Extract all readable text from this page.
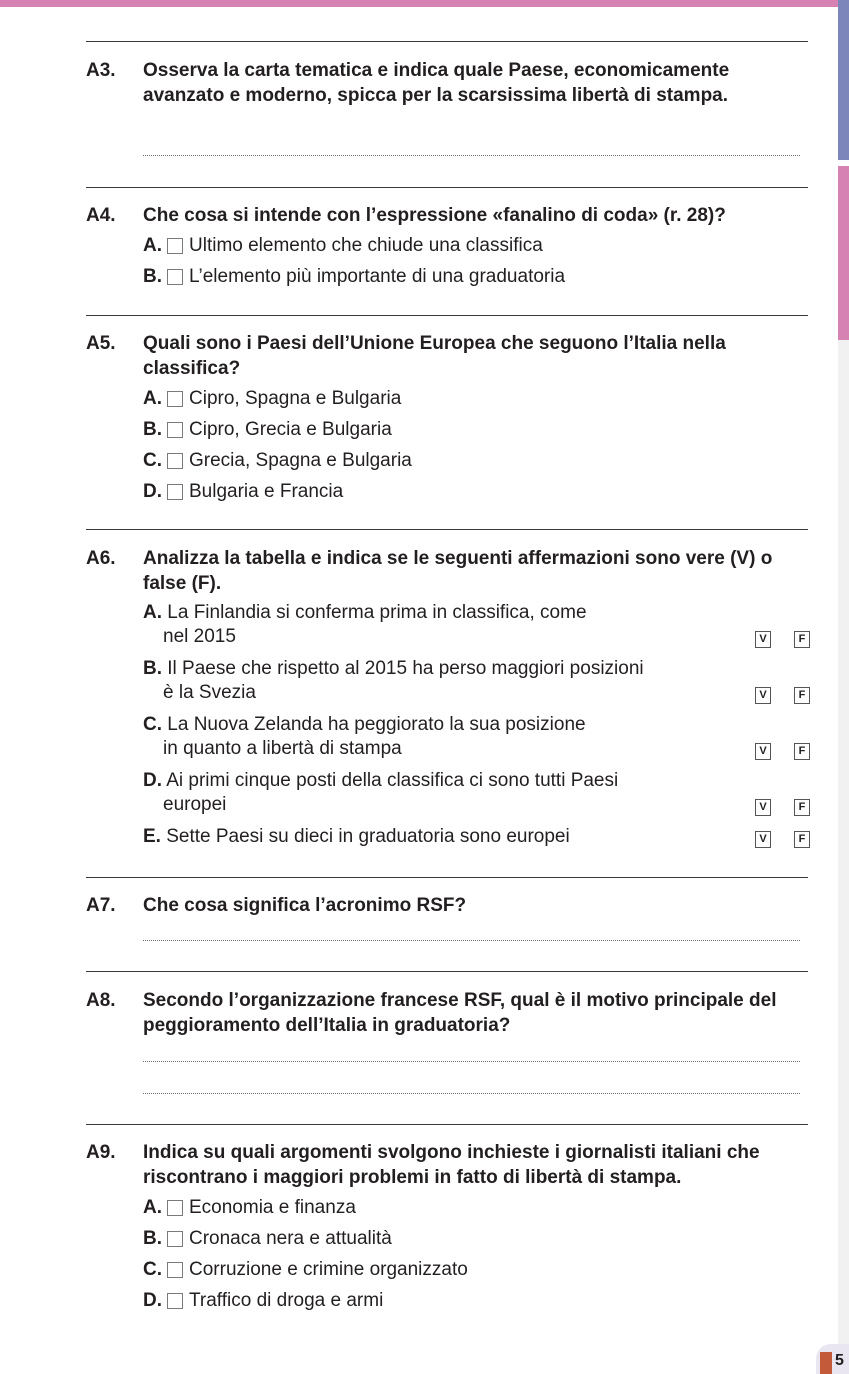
A3. Osserva la carta tematica e indica quale Paese, economicamente avanzato e moderno, spicca per la scarsissima libertà di stampa.
A4. Che cosa si intende con l’espressione «fanalino di coda» (r. 28)?
A. Ultimo elemento che chiude una classifica
B. L’elemento più importante di una graduatoria
A5. Quali sono i Paesi dell’Unione Europea che seguono l’Italia nella classifica?
A. Cipro, Spagna e Bulgaria
B. Cipro, Grecia e Bulgaria
C. Grecia, Spagna e Bulgaria
D. Bulgaria e Francia
A6. Analizza la tabella e indica se le seguenti affermazioni sono vere (V) o false (F).
A. La Finlandia si conferma prima in classifica, come
nel 2015	V	F
B. Il Paese che rispetto al 2015 ha perso maggiori posizioni
è la Svezia	V	F
C. La Nuova Zelanda ha peggiorato la sua posizione
in quanto a libertà di stampa	V	F
D. Ai primi cinque posti della classifica ci sono tutti Paesi
europei	V	F
E. Sette Paesi su dieci in graduatoria sono europei	V	F
A7. Che cosa significa l’acronimo RSF?
A8. Secondo l’organizzazione francese RSF, qual è il motivo principale del peggioramento dell’Italia in graduatoria?
A9. Indica su quali argomenti svolgono inchieste i giornalisti italiani che riscontrano i maggiori problemi in fatto di libertà di stampa.
A. Economia e finanza
B. Cronaca nera e attualità
C. Corruzione e crimine organizzato
D. Traffico di droga e armi
5
